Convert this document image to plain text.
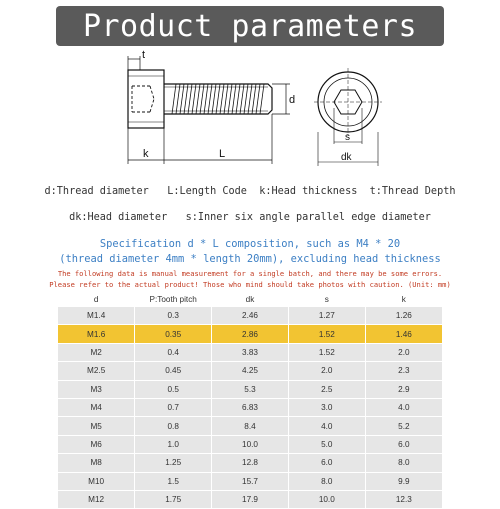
Product parameters
t
k	L
d
s
dk
d:Thread diameter   L:Length Code  k:Head thickness  t:Thread Depth
dk:Head diameter   s:Inner six angle parallel edge diameter
Specification d * L composition, such as M4 * 20
(thread diameter 4mm * length 20mm), excluding head thickness
The following data is manual measurement for a single batch, and there may be some errors.
Please refer to the actual product! Those who mind should take photos with caution. (Unit: mm)
d	P:Tooth pitch	dk	s	k
M1.4	0.3	2.46	1.27	1.26
M1.6	0.35	2.86	1.52	1.46
M2	0.4	3.83	1.52	2.0
M2.5	0.45	4.25	2.0	2.3
M3	0.5	5.3	2.5	2.9
M4	0.7	6.83	3.0	4.0
M5	0.8	8.4	4.0	5.2
M6	1.0	10.0	5.0	6.0
M8	1.25	12.8	6.0	8.0
M10	1.5	15.7	8.0	9.9
M12	1.75	17.9	10.0	12.3
